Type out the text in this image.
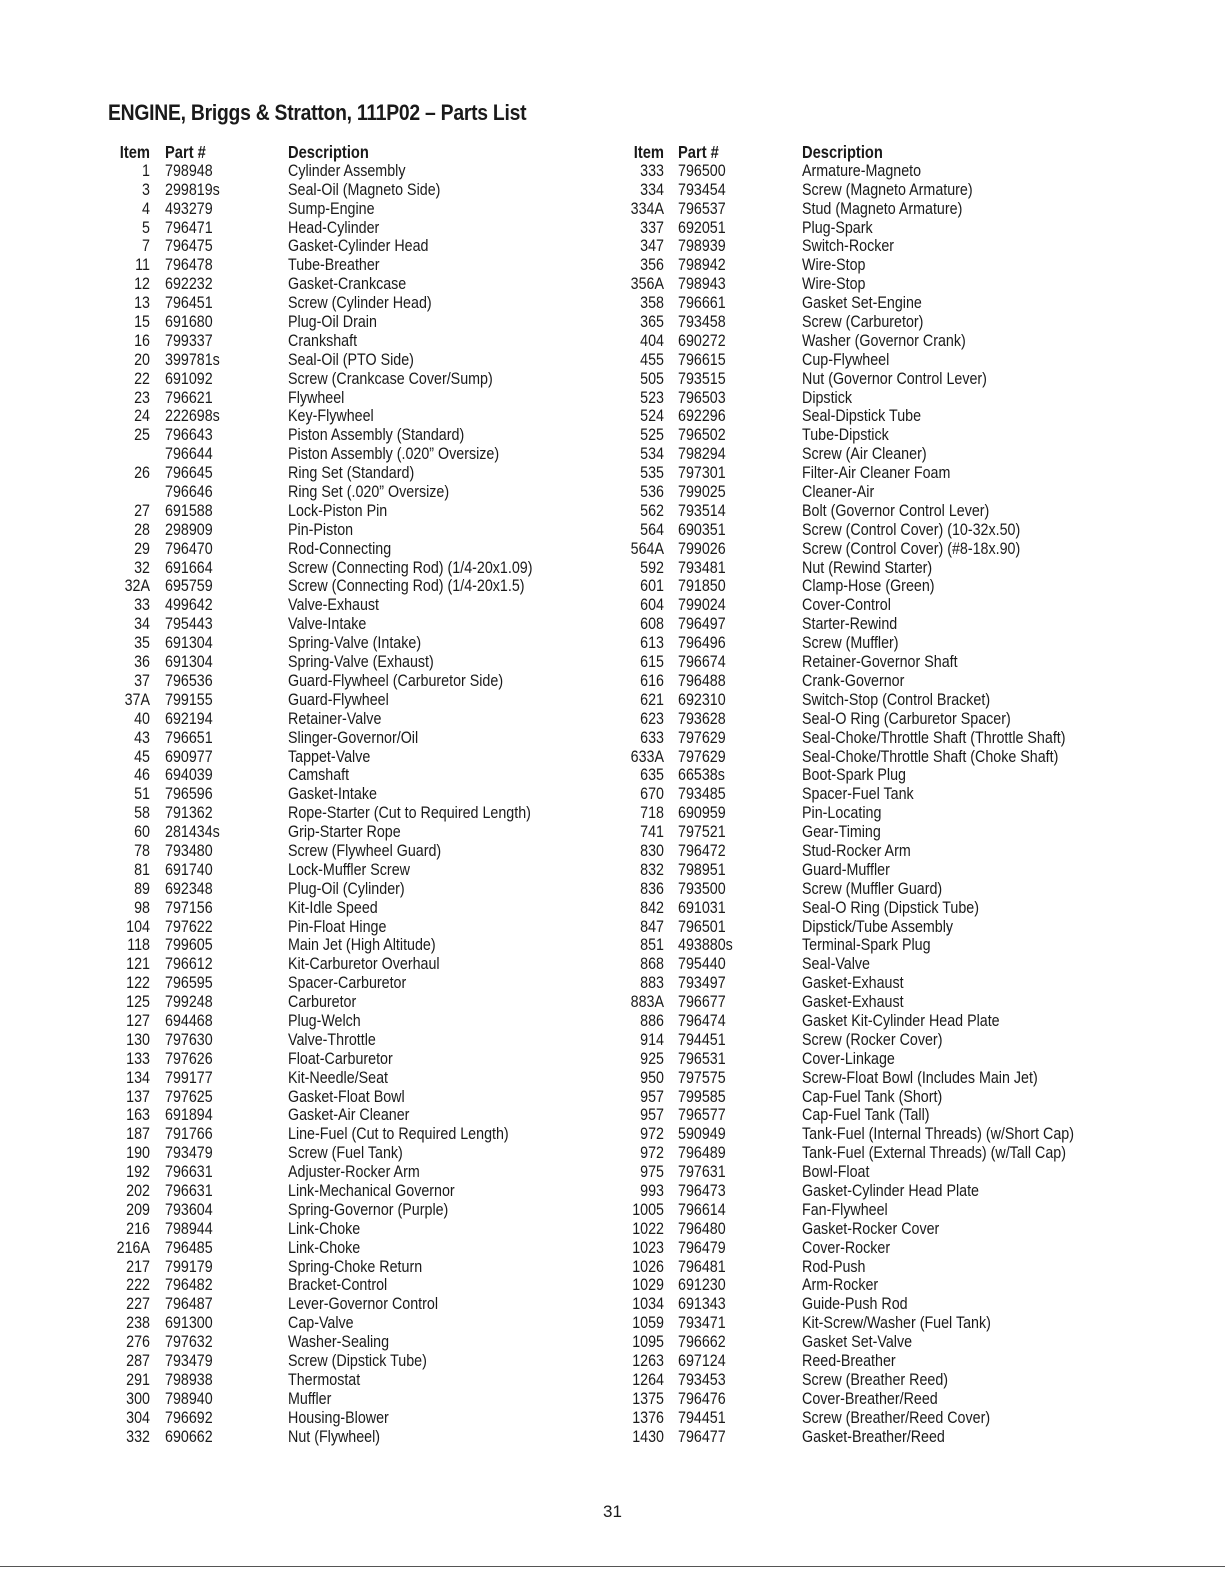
ENGINE, Briggs & Stratton, 111P02 – Parts List
Item Part #	Description
1 798948	Cylinder Assembly
3 299819s	Seal-Oil (Magneto Side)
4 493279	Sump-Engine
5 796471	Head-Cylinder
7 796475	Gasket-Cylinder Head
11 796478	Tube-Breather
12 692232	Gasket-Crankcase
13 796451	Screw (Cylinder Head)
15 691680	Plug-Oil Drain
16 799337	Crankshaft
20 399781s	Seal-Oil (PTO Side)
22 691092	Screw (Crankcase Cover/Sump)
23 796621	Flywheel
24 222698s	Key-Flywheel
25 796643	Piston Assembly (Standard)
796644	Piston Assembly (.020” Oversize)
26 796645	Ring Set (Standard)
796646	Ring Set (.020” Oversize)
27 691588	Lock-Piston Pin
28 298909	Pin-Piston
29 796470	Rod-Connecting
32 691664	Screw (Connecting Rod) (1/4-20x1.09)
32A 695759	Screw (Connecting Rod) (1/4-20x1.5)
33 499642	Valve-Exhaust
34 795443	Valve-Intake
35 691304	Spring-Valve (Intake)
36 691304	Spring-Valve (Exhaust)
37 796536	Guard-Flywheel (Carburetor Side)
37A 799155	Guard-Flywheel
40 692194	Retainer-Valve
43 796651	Slinger-Governor/Oil
45 690977	Tappet-Valve
46 694039	Camshaft
51 796596	Gasket-Intake
58 791362	Rope-Starter (Cut to Required Length)
60 281434s	Grip-Starter Rope
78 793480	Screw (Flywheel Guard)
81 691740	Lock-Muffler Screw
89 692348	Plug-Oil (Cylinder)
98 797156	Kit-Idle Speed
104 797622	Pin-Float Hinge
118 799605	Main Jet (High Altitude)
121 796612	Kit-Carburetor Overhaul
122 796595	Spacer-Carburetor
125 799248	Carburetor
127 694468	Plug-Welch
130 797630	Valve-Throttle
133 797626	Float-Carburetor
134 799177	Kit-Needle/Seat
137 797625	Gasket-Float Bowl
163 691894	Gasket-Air Cleaner
187 791766	Line-Fuel (Cut to Required Length)
190 793479	Screw (Fuel Tank)
192 796631	Adjuster-Rocker Arm
202 796631	Link-Mechanical Governor
209 793604	Spring-Governor (Purple)
216 798944	Link-Choke
216A 796485	Link-Choke
217 799179	Spring-Choke Return
222 796482	Bracket-Control
227 796487	Lever-Governor Control
238 691300	Cap-Valve
276 797632	Washer-Sealing
287 793479	Screw (Dipstick Tube)
291 798938	Thermostat
300 798940	Muffler
304 796692	Housing-Blower
332 690662	Nut (Flywheel)
Item Part #	Description
333 796500	Armature-Magneto
334 793454	Screw (Magneto Armature)
334A 796537	Stud (Magneto Armature)
337 692051	Plug-Spark
347 798939	Switch-Rocker
356 798942	Wire-Stop
356A 798943	Wire-Stop
358 796661	Gasket Set-Engine
365 793458	Screw (Carburetor)
404 690272	Washer (Governor Crank)
455 796615	Cup-Flywheel
505 793515	Nut (Governor Control Lever)
523 796503	Dipstick
524 692296	Seal-Dipstick Tube
525 796502	Tube-Dipstick
534 798294	Screw (Air Cleaner)
535 797301	Filter-Air Cleaner Foam
536 799025	Cleaner-Air
562 793514	Bolt (Governor Control Lever)
564 690351	Screw (Control Cover) (10-32x.50)
564A 799026	Screw (Control Cover) (#8-18x.90)
592 793481	Nut (Rewind Starter)
601 791850	Clamp-Hose (Green)
604 799024	Cover-Control
608 796497	Starter-Rewind
613 796496	Screw (Muffler)
615 796674	Retainer-Governor Shaft
616 796488	Crank-Governor
621 692310	Switch-Stop (Control Bracket)
623 793628	Seal-O Ring (Carburetor Spacer)
633 797629	Seal-Choke/Throttle Shaft (Throttle Shaft)
633A 797629	Seal-Choke/Throttle Shaft (Choke Shaft)
635 66538s	Boot-Spark Plug
670 793485	Spacer-Fuel Tank
718 690959	Pin-Locating
741 797521	Gear-Timing
830 796472	Stud-Rocker Arm
832 798951	Guard-Muffler
836 793500	Screw (Muffler Guard)
842 691031	Seal-O Ring (Dipstick Tube)
847 796501	Dipstick/Tube Assembly
851 493880s	Terminal-Spark Plug
868 795440	Seal-Valve
883 793497	Gasket-Exhaust
883A 796677	Gasket-Exhaust
886 796474	Gasket Kit-Cylinder Head Plate
914 794451	Screw (Rocker Cover)
925 796531	Cover-Linkage
950 797575	Screw-Float Bowl (Includes Main Jet)
957 799585	Cap-Fuel Tank (Short)
957 796577	Cap-Fuel Tank (Tall)
972 590949	Tank-Fuel (Internal Threads) (w/Short Cap)
972 796489	Tank-Fuel (External Threads) (w/Tall Cap)
975 797631	Bowl-Float
993 796473	Gasket-Cylinder Head Plate
1005 796614	Fan-Flywheel
1022 796480	Gasket-Rocker Cover
1023 796479	Cover-Rocker
1026 796481	Rod-Push
1029 691230	Arm-Rocker
1034 691343	Guide-Push Rod
1059 793471	Kit-Screw/Washer (Fuel Tank)
1095 796662	Gasket Set-Valve
1263 697124	Reed-Breather
1264 793453	Screw (Breather Reed)
1375 796476	Cover-Breather/Reed
1376 794451	Screw (Breather/Reed Cover)
1430 796477	Gasket-Breather/Reed
31
